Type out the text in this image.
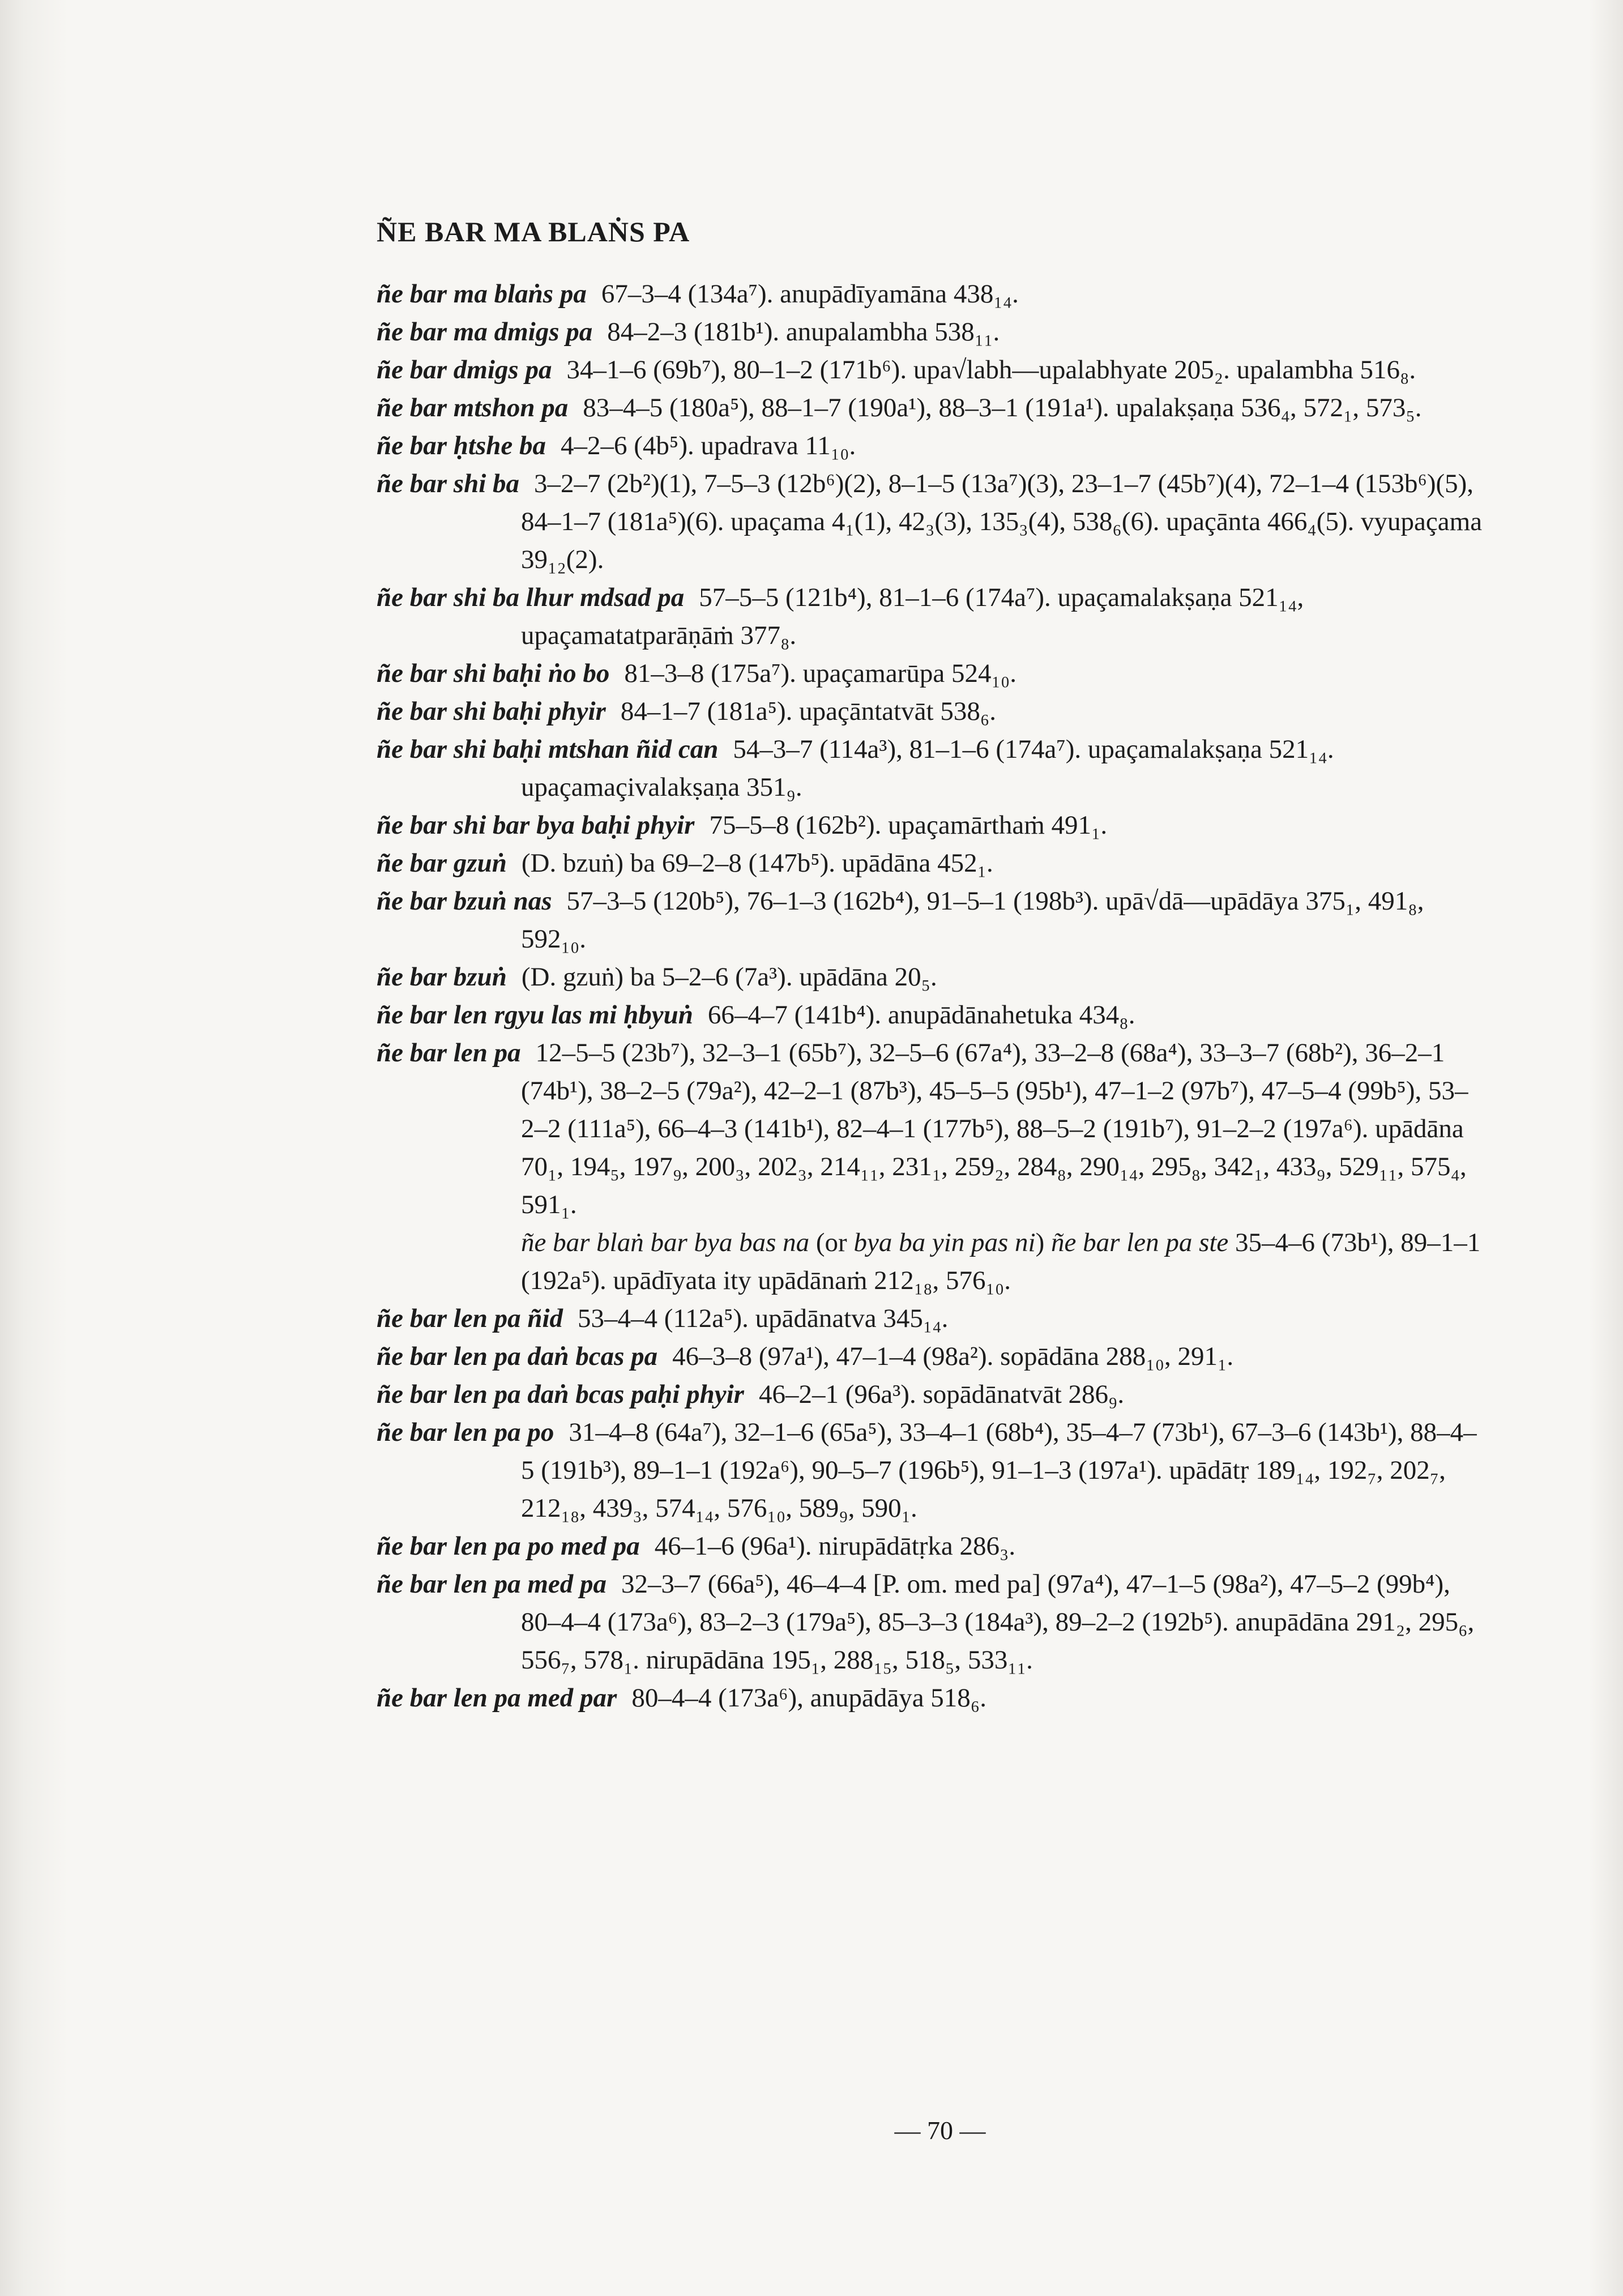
ÑE BAR MA BLAṄS PA

ñe bar ma blaṅs pa 67–3–4 (134a⁷). anupādīyamāna 438₁₄.

ñe bar ma dmigs pa 84–2–3 (181b¹). anupalambha 538₁₁.

ñe bar dmigs pa 34–1–6 (69b⁷), 80–1–2 (171b⁶). upa√labh—upalabhyate 205₂. upalambha 516₈.

ñe bar mtshon pa 83–4–5 (180a⁵), 88–1–7 (190a¹), 88–3–1 (191a¹). upalakṣaṇa 536₄, 572₁, 573₅.

ñe bar ḥtshe ba 4–2–6 (4b⁵). upadrava 11₁₀.

ñe bar shi ba 3–2–7 (2b²)(1), 7–5–3 (12b⁶)(2), 8–1–5 (13a⁷)(3), 23–1–7 (45b⁷)(4), 72–1–4 (153b⁶)(5), 84–1–7 (181a⁵)(6). upaçama 4₁(1), 42₃(3), 135₃(4), 538₆(6). upaçānta 466₄(5). vyupaçama 39₁₂(2).

ñe bar shi ba lhur mdsad pa 57–5–5 (121b⁴), 81–1–6 (174a⁷). upaçamalakṣaṇa 521₁₄, upaçamatatparāṇāṁ 377₈.

ñe bar shi baḥi ṅo bo 81–3–8 (175a⁷). upaçamarūpa 524₁₀.

ñe bar shi baḥi phyir 84–1–7 (181a⁵). upaçāntatvāt 538₆.

ñe bar shi baḥi mtshan ñid can 54–3–7 (114a³), 81–1–6 (174a⁷). upaçamalakṣaṇa 521₁₄. upaçamaçivalakṣaṇa 351₉.

ñe bar shi bar bya baḥi phyir 75–5–8 (162b²). upaçamārthaṁ 491₁.

ñe bar gzuṅ (D. bzuṅ) ba 69–2–8 (147b⁵). upādāna 452₁.

ñe bar bzuṅ nas 57–3–5 (120b⁵), 76–1–3 (162b⁴), 91–5–1 (198b³). upā√dā—upādāya 375₁, 491₈, 592₁₀.

ñe bar bzuṅ (D. gzuṅ) ba 5–2–6 (7a³). upādāna 20₅.

ñe bar len rgyu las mi ḥbyuṅ 66–4–7 (141b⁴). anupādānahetuka 434₈.

ñe bar len pa 12–5–5 (23b⁷), 32–3–1 (65b⁷), 32–5–6 (67a⁴), 33–2–8 (68a⁴), 33–3–7 (68b²), 36–2–1 (74b¹), 38–2–5 (79a²), 42–2–1 (87b³), 45–5–5 (95b¹), 47–1–2 (97b⁷), 47–5–4 (99b⁵), 53–2–2 (111a⁵), 66–4–3 (141b¹), 82–4–1 (177b⁵), 88–5–2 (191b⁷), 91–2–2 (197a⁶). upādāna 70₁, 194₅, 197₉, 200₃, 202₃, 214₁₁, 231₁, 259₂, 284₈, 290₁₄, 295₈, 342₁, 433₉, 529₁₁, 575₄, 591₁.

ñe bar blaṅ bar bya bas na (or bya ba yin pas ni) ñe bar len pa ste 35–4–6 (73b¹), 89–1–1 (192a⁵). upādīyata ity upādānaṁ 212₁₈, 576₁₀.

ñe bar len pa ñid 53–4–4 (112a⁵). upādānatva 345₁₄.

ñe bar len pa daṅ bcas pa 46–3–8 (97a¹), 47–1–4 (98a²). sopādāna 288₁₀, 291₁.

ñe bar len pa daṅ bcas paḥi phyir 46–2–1 (96a³). sopādānatvāt 286₉.

ñe bar len pa po 31–4–8 (64a⁷), 32–1–6 (65a⁵), 33–4–1 (68b⁴), 35–4–7 (73b¹), 67–3–6 (143b¹), 88–4–5 (191b³), 89–1–1 (192a⁶), 90–5–7 (196b⁵), 91–1–3 (197a¹). upādātṛ 189₁₄, 192₇, 202₇, 212₁₈, 439₃, 574₁₄, 576₁₀, 589₉, 590₁.

ñe bar len pa po med pa 46–1–6 (96a¹). nirupādātṛka 286₃.

ñe bar len pa med pa 32–3–7 (66a⁵), 46–4–4 [P. om. med pa] (97a⁴), 47–1–5 (98a²), 47–5–2 (99b⁴), 80–4–4 (173a⁶), 83–2–3 (179a⁵), 85–3–3 (184a³), 89–2–2 (192b⁵). anupādāna 291₂, 295₆, 556₇, 578₁. nirupādāna 195₁, 288₁₅, 518₅, 533₁₁.

ñe bar len pa med par 80–4–4 (173a⁶), anupādāya 518₆.

— 70 —
